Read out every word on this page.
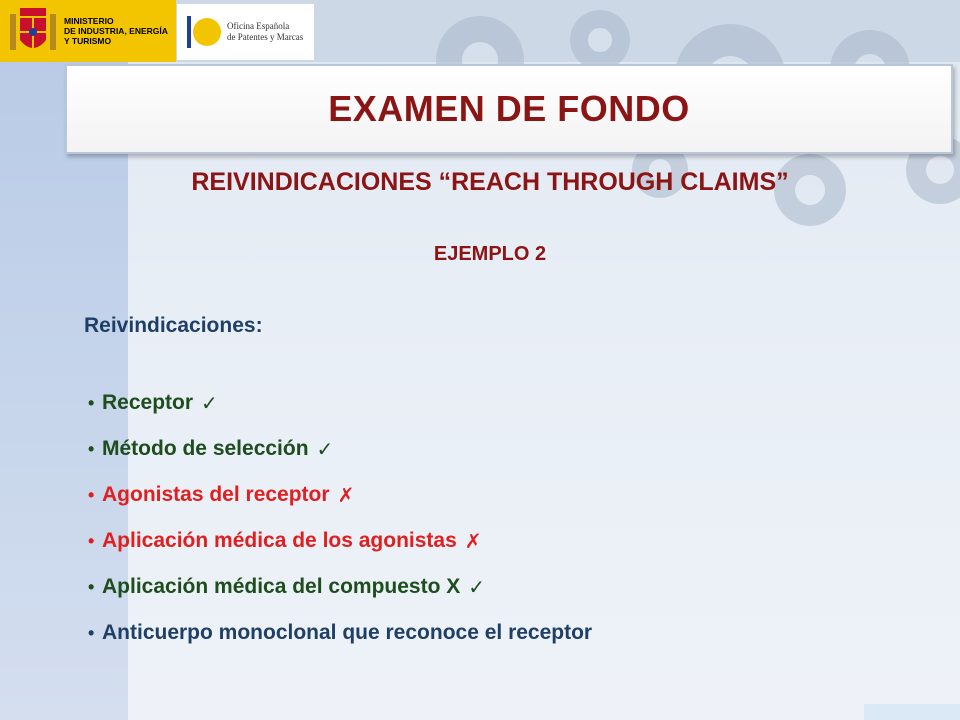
MINISTERIO
DE INDUSTRIA, ENERGÍA
Y TURISMO
Oficina Española
de Patentes y Marcas
EXAMEN DE FONDO
REIVINDICACIONES “REACH THROUGH CLAIMS”
EJEMPLO 2
Reivindicaciones:
• Receptor ✓
• Método de selección ✓
• Agonistas del receptor ✗
• Aplicación médica de los agonistas ✗
• Aplicación médica del compuesto X ✓
• Anticuerpo monoclonal que reconoce el receptor
